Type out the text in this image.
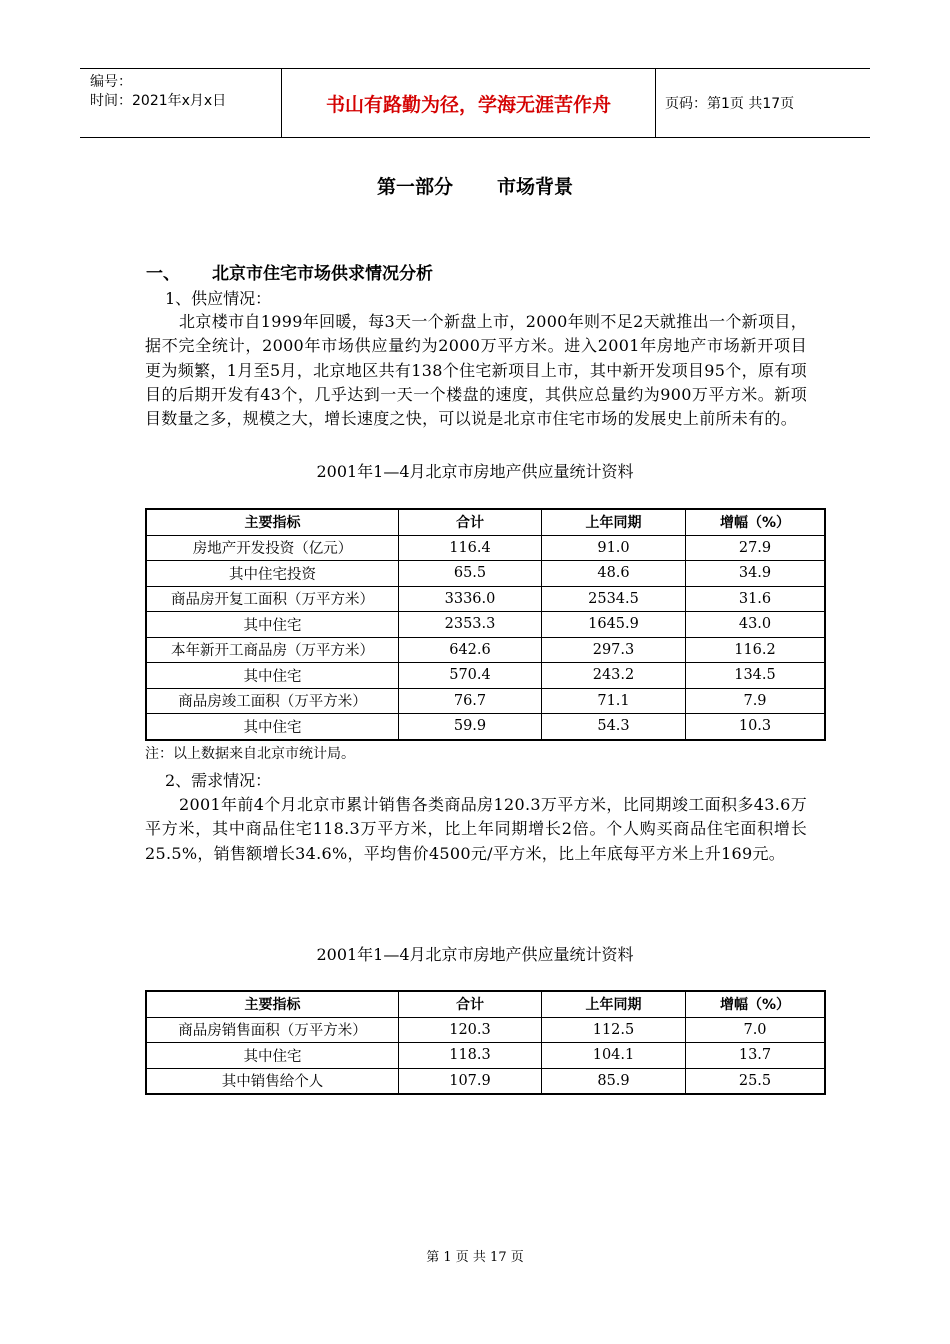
编号：
时间：2021年x月x日	书山有路勤为径，学海无涯苦作舟	页码：第1页 共17页
第一部分 市场背景
一、 北京市住宅市场供求情况分析
1、供应情况：
北京楼市自1999年回暖，每3天一个新盘上市，2000年则不足2天就推出一个新项目，据不完全统计，2000年市场供应量约为2000万平方米。进入2001年房地产市场新开项目更为频繁，1月至5月，北京地区共有138个住宅新项目上市，其中新开发项目95个，原有项目的后期开发有43个，几乎达到一天一个楼盘的速度，其供应总量约为900万平方米。新项目数量之多，规模之大，增长速度之快，可以说是北京市住宅市场的发展史上前所未有的。
2001年1—4月北京市房地产供应量统计资料
主要指标	合计	上年同期	增幅（%）
房地产开发投资（亿元）	116.4	91.0	27.9
其中住宅投资	65.5	48.6	34.9
商品房开复工面积（万平方米）	3336.0	2534.5	31.6
其中住宅	2353.3	1645.9	43.0
本年新开工商品房（万平方米）	642.6	297.3	116.2
其中住宅	570.4	243.2	134.5
商品房竣工面积（万平方米）	76.7	71.1	7.9
其中住宅	59.9	54.3	10.3
注：以上数据来自北京市统计局。
2、需求情况：
2001年前4个月北京市累计销售各类商品房120.3万平方米，比同期竣工面积多43.6万平方米，其中商品住宅118.3万平方米，比上年同期增长2倍。个人购买商品住宅面积增长25.5%，销售额增长34.6%，平均售价4500元/平方米，比上年底每平方米上升169元。
2001年1—4月北京市房地产供应量统计资料
主要指标	合计	上年同期	增幅（%）
商品房销售面积（万平方米）	120.3	112.5	7.0
其中住宅	118.3	104.1	13.7
其中销售给个人	107.9	85.9	25.5
第 1 页 共 17 页
